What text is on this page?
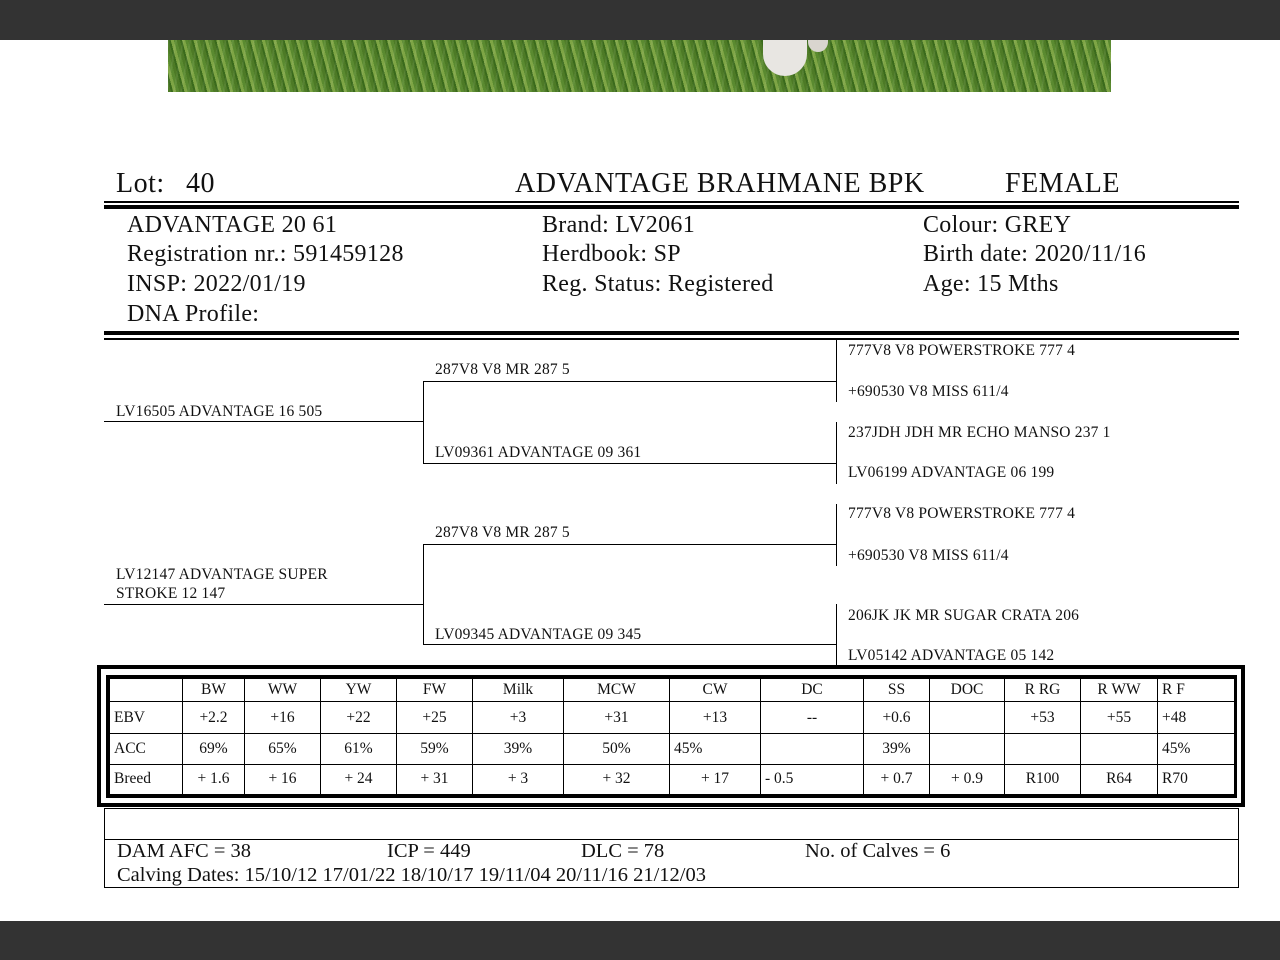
Lot: 40	ADVANTAGE BRAHMANE BPK	FEMALE
ADVANTAGE 20 61
Registration nr.: 591459128
INSP: 2022/01/19
DNA Profile:
Brand: LV2061
Herdbook: SP
Reg. Status: Registered
Colour: GREY
Birth date: 2020/11/16
Age: 15 Mths
LV16505 ADVANTAGE 16 505
287V8 V8 MR 287 5
LV09361 ADVANTAGE 09 361
777V8 V8 POWERSTROKE 777 4
+690530 V8 MISS 611/4
237JDH JDH MR ECHO MANSO 237 1
LV06199 ADVANTAGE 06 199
LV12147 ADVANTAGE SUPER
STROKE 12 147
287V8 V8 MR 287 5
LV09345 ADVANTAGE 09 345
777V8 V8 POWERSTROKE 777 4
+690530 V8 MISS 611/4
206JK JK MR SUGAR CRATA 206
LV05142 ADVANTAGE 05 142
	BW	WW	YW	FW	Milk	MCW	CW	DC	SS	DOC	R RG	R WW	R F
EBV	+2.2	+16	+22	+25	+3	+31	+13	--	+0.6		+53	+55	+48
ACC	69%	65%	61%	59%	39%	50%	45%		39%				45%
Breed	+ 1.6	+ 16	+ 24	+ 31	+ 3	+ 32	+ 17	- 0.5	+ 0.7	+ 0.9	R100	R64	R70
DAM AFC = 38	ICP = 449	DLC = 78	No. of Calves = 6
Calving Dates: 15/10/12 17/01/22 18/10/17 19/11/04 20/11/16 21/12/03
